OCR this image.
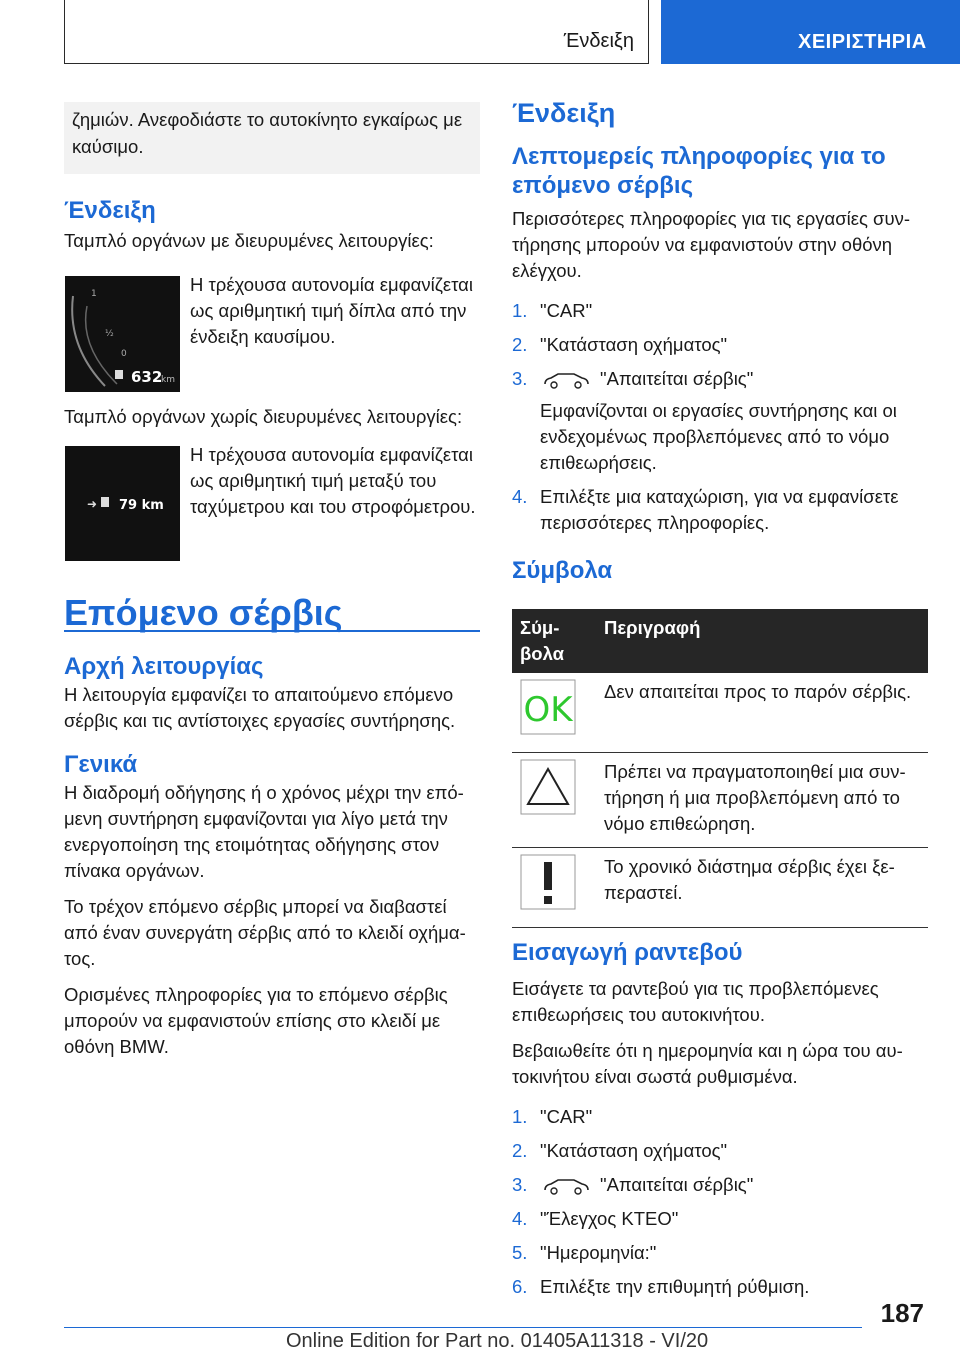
Ένδειξη	ΧΕΙΡΙΣΤΗΡΙΑ
ζημιών. Ανεφοδιάστε το αυτοκίνητο εγκαίρως με καύσιμο.
Ένδειξη

Ταμπλό οργάνων με διευρυμένες λειτουργίες:

1
½
0
632
km

Η τρέχουσα αυτονομία εμφανίζεται ως αριθμητική τιμή δίπλα από την ένδειξη καυσίμου.

Ταμπλό οργάνων χωρίς διευρυμένες λειτουργίες:

➜ 79 km

Η τρέχουσα αυτονομία εμφανίζεται ως αριθμητική τιμή μεταξύ του ταχύμετρου και του στροφόμετρου.

Επόμενο σέρβις
Αρχή λειτουργίας

Η λειτουργία εμφανίζει το απαιτούμενο επόμενο σέρβις και τις αντίστοιχες εργασίες συντήρησης.

Γενικά

Η διαδρομή οδήγησης ή ο χρόνος μέχρι την επόμενη συντήρηση εμφανίζονται για λίγο μετά την ενεργοποίηση της ετοιμότητας οδήγησης στον πίνακα οργάνων.

Το τρέχον επόμενο σέρβις μπορεί να διαβαστεί από έναν συνεργάτη σέρβις από το κλειδί οχήματος.

Ορισμένες πληροφορίες για το επόμενο σέρβις μπορούν να εμφανιστούν επίσης στο κλειδί με οθόνη BMW.

Ένδειξη
Λεπτομερείς πληροφορίες για το επόμενο σέρβις

Περισσότερες πληροφορίες για τις εργασίες συντήρησης μπορούν να εμφανιστούν στην οθόνη ελέγχου.

1. "CAR"
2. "Κατάσταση οχήματος"
3.	"Απαιτείται σέρβις"
Εμφανίζονται οι εργασίες συντήρησης και οι ενδεχομένως προβλεπόμενες από το νόμο επιθεωρήσεις.
4. Επιλέξτε μια καταχώριση, για να εμφανίσετε περισσότερες πληροφορίες.
Σύμβολα
Σύμβολα	Περιγραφή

OK	Δεν απαιτείται προς το παρόν σέρβις.
	Πρέπει να πραγματοποιηθεί μια συντήρηση ή μια προβλεπόμενη από το νόμο επιθεώρηση.
	Το χρονικό διάστημα σέρβις έχει ξεπεραστεί.
Εισαγωγή ραντεβού

Εισάγετε τα ραντεβού για τις προβλεπόμενες επιθεωρήσεις του αυτοκινήτου.

Βεβαιωθείτε ότι η ημερομηνία και η ώρα του αυτοκινήτου είναι σωστά ρυθμισμένα.

1. "CAR"
2. "Κατάσταση οχήματος"
3.	"Απαιτείται σέρβις"
4. "Έλεγχος ΚΤΕΟ"
5. "Ημερομηνία:"
6. Επιλέξτε την επιθυμητή ρύθμιση.
187
Online Edition for Part no. 01405A11318 - VI/20
